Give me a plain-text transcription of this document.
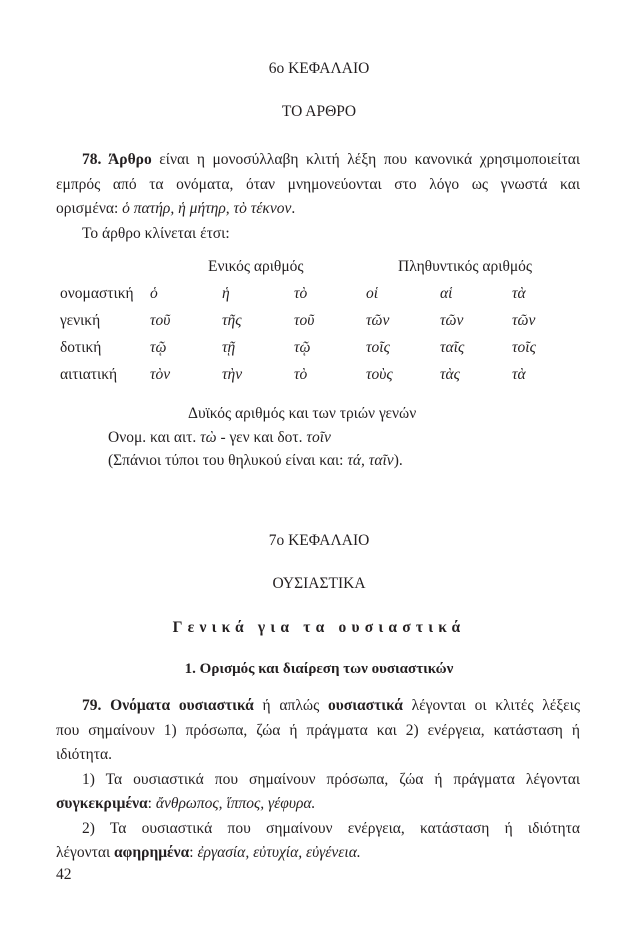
6ο ΚΕΦΑΛΑΙΟ
ΤΟ ΑΡΘΡΟ
78. Άρθρο είναι η μονοσύλλαβη κλιτή λέξη που κανονικά χρησιμοποιείται
εμπρός από τα ονόματα, όταν μνημονεύονται στο λόγο ως γνωστά και
ορισμένα: ὁ πατήρ, ἡ μήτηρ, τὸ τέκνον.
Το άρθρο κλίνεται έτσι:
Ενικός αριθμός	Πληθυντικός αριθμός
ονομαστική ὁ	ἡ	τὸ	οἱ	αἱ	τὰ
γενική	τοῦ	τῆς	τοῦ	τῶν	τῶν	τῶν
δοτική	τῷ	τῇ	τῷ	τοῖς	ταῖς	τοῖς
αιτιατική τὸν	τὴν	τὸ	τοὺς	τὰς	τὰ
Δυϊκός αριθμός και των τριών γενών
Ονομ. και αιτ. τὼ - γεν και δοτ. τοῖν
(Σπάνιοι τύποι του θηλυκού είναι και: τά, ταῖν).
7ο ΚΕΦΑΛΑΙΟ
ΟΥΣΙΑΣΤΙΚΑ
Γενικά για τα ουσιαστικά
1. Ορισμός και διαίρεση των ουσιαστικών
79. Ονόματα ουσιαστικά ή απλώς ουσιαστικά λέγονται οι κλιτές λέξεις
που σημαίνουν 1) πρόσωπα, ζώα ή πράγματα και 2) ενέργεια, κατάσταση ή
ιδιότητα.
1) Τα ουσιαστικά που σημαίνουν πρόσωπα, ζώα ή πράγματα λέγονται
συγκεκριμένα: ἄνθρωπος, ἵππος, γέφυρα.
2) Τα ουσιαστικά που σημαίνουν ενέργεια, κατάσταση ή ιδιότητα
λέγονται αφηρημένα: ἐργασία, εὐτυχία, εὐγένεια.
42
